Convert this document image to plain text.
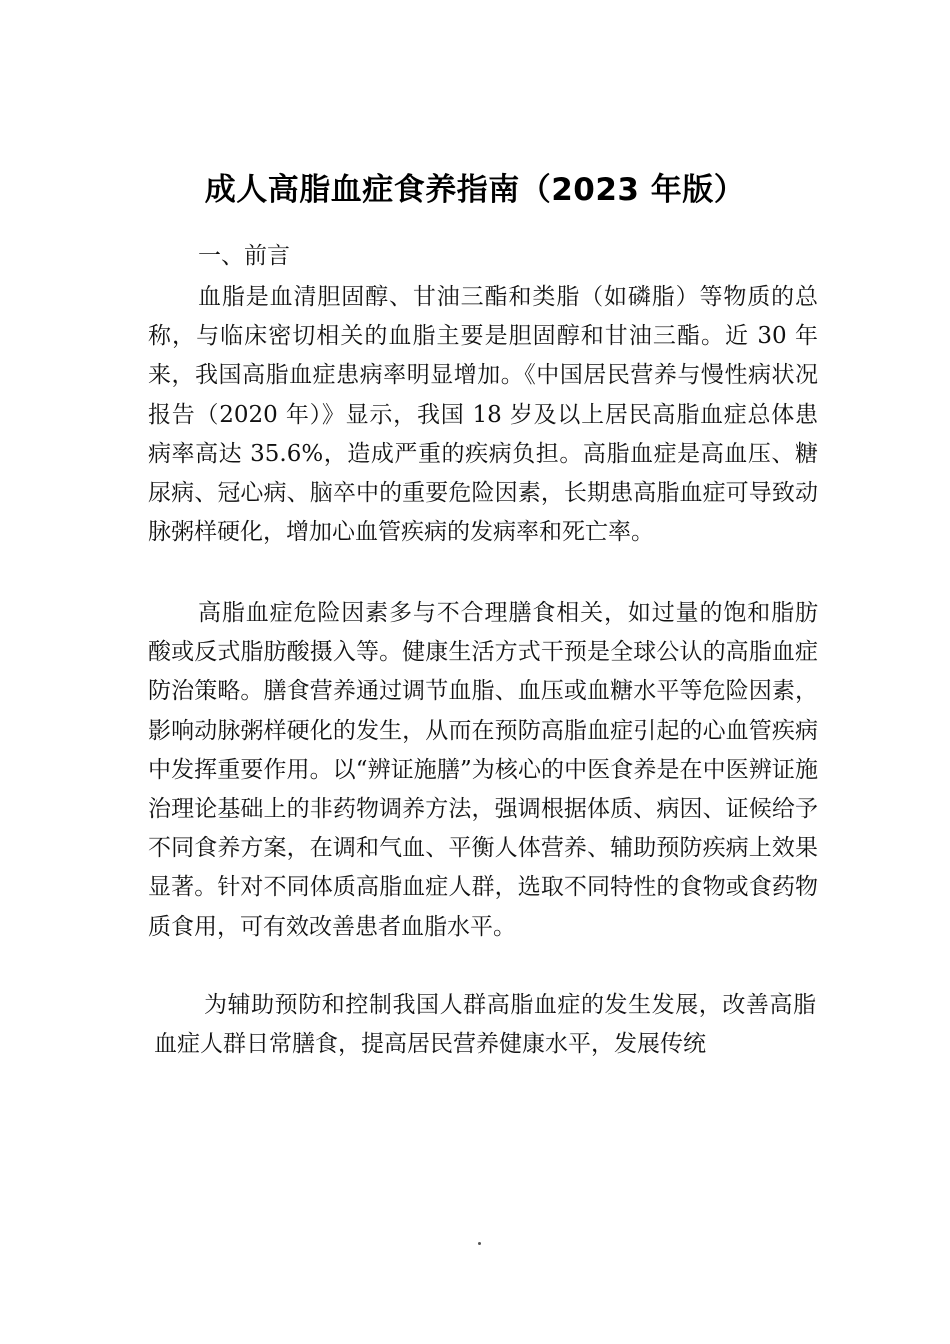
成人高脂血症食养指南（2023 年版）
一、前言

血脂是血清胆固醇、甘油三酯和类脂（如磷脂）等物质的总称，与临床密切相关的血脂主要是胆固醇和甘油三酯。近 30 年来，我国高脂血症患病率明显增加。《中国居民营养与慢性病状况报告（2020 年）》显示，我国 18 岁及以上居民高脂血症总体患病率高达 35.6%，造成严重的疾病负担。高脂血症是高血压、糖尿病、冠心病、脑卒中的重要危险因素，长期患高脂血症可导致动脉粥样硬化，增加心血管疾病的发病率和死亡率。

高脂血症危险因素多与不合理膳食相关，如过量的饱和脂肪酸或反式脂肪酸摄入等。健康生活方式干预是全球公认的高脂血症防治策略。膳食营养通过调节血脂、血压或血糖水平等危险因素，影响动脉粥样硬化的发生，从而在预防高脂血症引起的心血管疾病中发挥重要作用。以“辨证施膳”为核心的中医食养是在中医辨证施治理论基础上的非药物调养方法，强调根据体质、病因、证候给予不同食养方案，在调和气血、平衡人体营养、辅助预防疾病上效果显著。针对不同体质高脂血症人群，选取不同特性的食物或食药物质食用，可有效改善患者血脂水平。

为辅助预防和控制我国人群高脂血症的发生发展，改善高脂血症人群日常膳食，提高居民营养健康水平，发展传统
